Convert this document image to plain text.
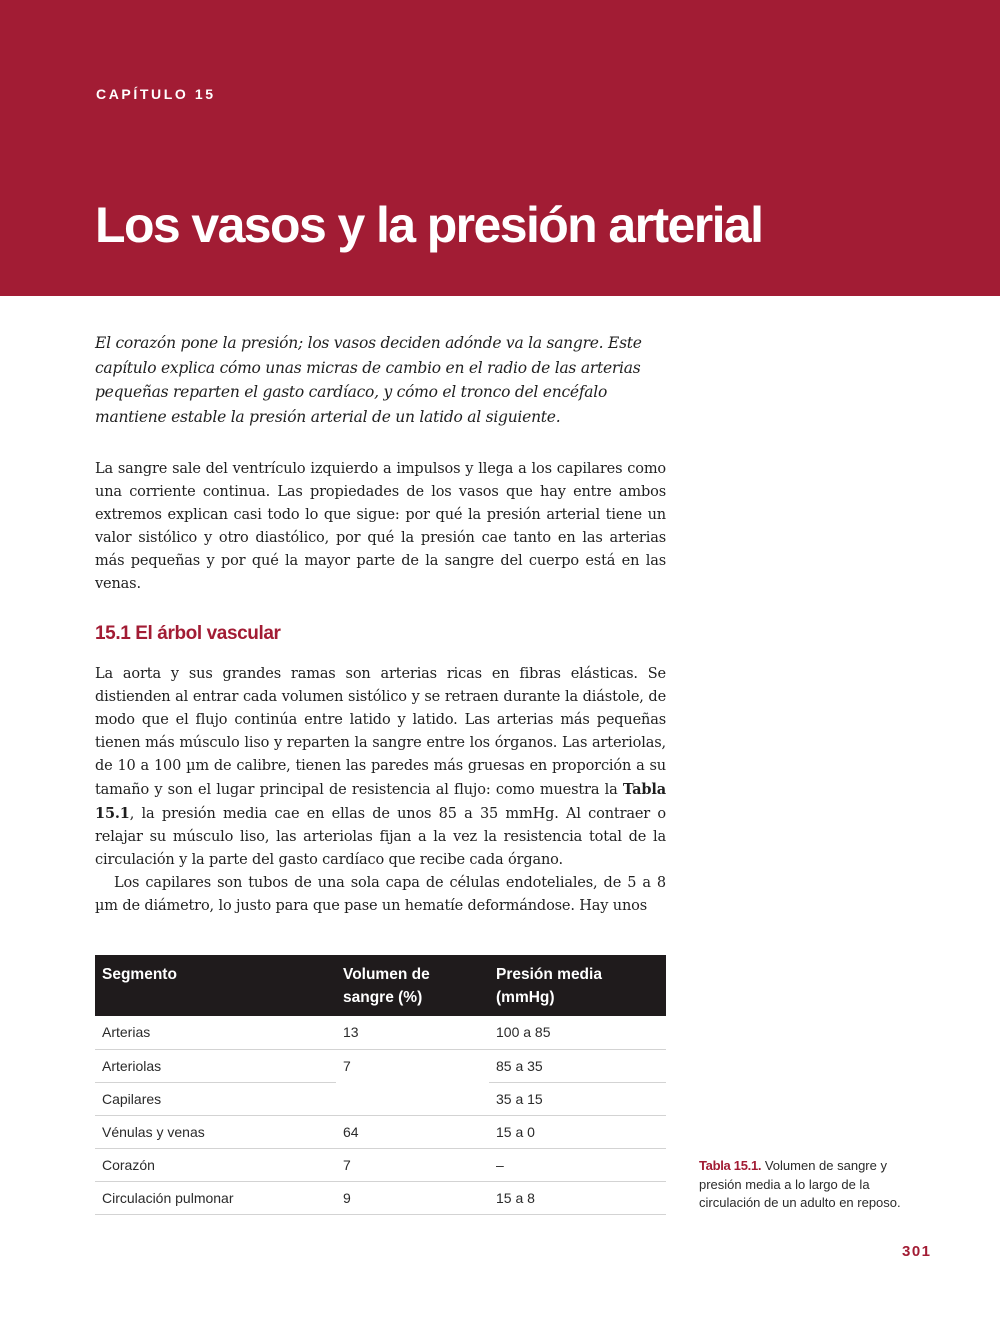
CAPÍTULO 15
Los vasos y la presión arterial

El corazón pone la presión; los vasos deciden adónde va la sangre. Este capítulo explica cómo unas micras de cambio en el radio de las arterias pequeñas reparten el gasto cardíaco, y cómo el tronco del encéfalo mantiene estable la presión arterial de un latido al siguiente.

La sangre sale del ventrículo izquierdo a impulsos y llega a los capilares como una corriente continua. Las propiedades de los vasos que hay entre ambos extremos explican casi todo lo que sigue: por qué la presión arterial tiene un valor sistólico y otro diastólico, por qué la presión cae tanto en las arterias más pequeñas y por qué la mayor parte de la sangre del cuerpo está en las venas.

15.1 El árbol vascular

La aorta y sus grandes ramas son arterias ricas en fibras elásticas. Se distienden al entrar cada volumen sistólico y se retraen durante la diástole, de modo que el flujo continúa entre latido y latido. Las arterias más pequeñas tienen más músculo liso y reparten la sangre entre los órganos. Las arteriolas, de 10 a 100 µm de calibre, tienen las paredes más gruesas en proporción a su tamaño y son el lugar principal de resistencia al flujo: como muestra la Tabla 15.1, la presión media cae en ellas de unos 85 a 35 mmHg. Al contraer o relajar su músculo liso, las arteriolas fijan a la vez la resistencia total de la circulación y la parte del gasto cardíaco que recibe cada órgano.

Los capilares son tubos de una sola capa de células endoteliales, de 5 a 8 µm de diámetro, lo justo para que pase un hematíe deformándose. Hay unos

Segmento	Volumen de sangre (%)	Presión media (mmHg)
Arterias	13	100 a 85
Arteriolas	7	85 a 35
Capilares		35 a 15
Vénulas y venas	64	15 a 0
Corazón	7	–
Circulación pulmonar	9	15 a 8

Tabla 15.1. Volumen de sangre y presión media a lo largo de la circulación de un adulto en reposo.

301
